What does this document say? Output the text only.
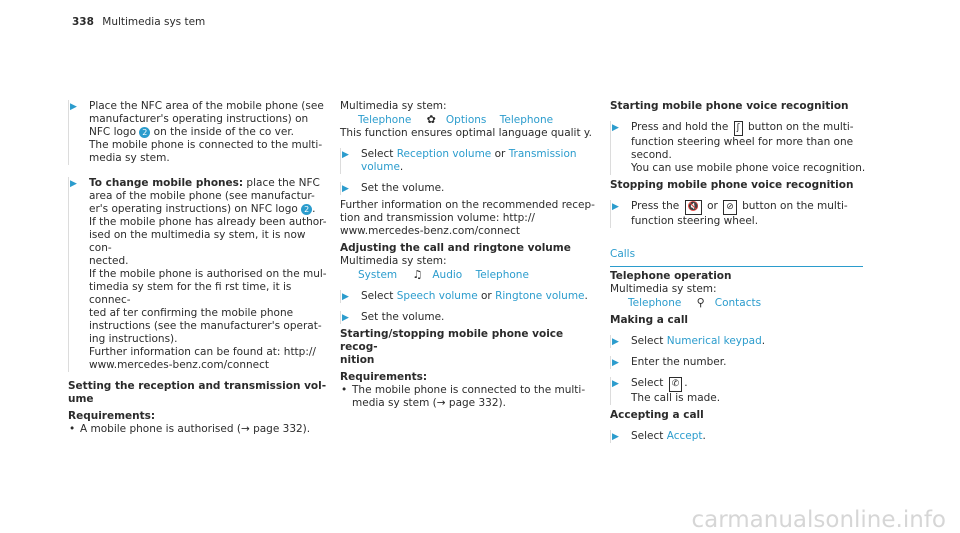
338 Multimedia sys tem
▶ Place the NFC area of the mobile phone (see

manufacturer's operating instructions) on

NFC logo 2 on the inside of the co ver.

The mobile phone is connected to the multi-

media sy stem.

▶ To change mobile phones: place the NFC

area of the mobile phone (see manufactur-

er's operating instructions) on NFC logo 2 .

If the mobile phone has already been author-

ised on the multimedia sy stem, it is now con-

nected.

If the mobile phone is authorised on the mul-

timedia sy stem for the fi rst time, it is connec-

ted af ter confirming the mobile phone

instructions (see the manufacturer's operat-

ing instructions).

Further information can be found at: http://

www.mercedes-benz.com/connect

Setting the reception and transmission vol-

ume

Requirements:

• A mobile phone is authorised (→ page 332).

Multimedia sy stem:

Telephone ✿ Options Telephone

This function ensures optimal language qualit y.

▶ Select Reception volume or Transmission

volume.

▶ Set the volume.

Further information on the recommended recep-

tion and transmission volume: http://

www.mercedes-benz.com/connect

Adjusting the call and ringtone volume

Multimedia sy stem:

System ♫ Audio Telephone
▶ Select Speech volume or Ringtone volume.

▶ Set the volume.

Starting/stopping mobile phone voice recog-

nition

Requirements:

• The mobile phone is connected to the multi-

media sy stem (→ page 332).

Starting mobile phone voice recognition

▶ Press and hold the ʃ button on the multi-

function steering wheel for more than one

second.

You can use mobile phone voice recognition.

Stopping mobile phone voice recognition

▶ Press the 🔇 or ⊘ button on the multi-

function steering wheel.

Calls

Telephone operation

Multimedia sy stem:

Telephone ⚲ Contacts

Making a call

▶ Select Numerical keypad.

▶ Enter the number.

▶ Select ✆ .

The call is made.

Accepting a call

▶ Select Accept.

carmanualsonline.info
